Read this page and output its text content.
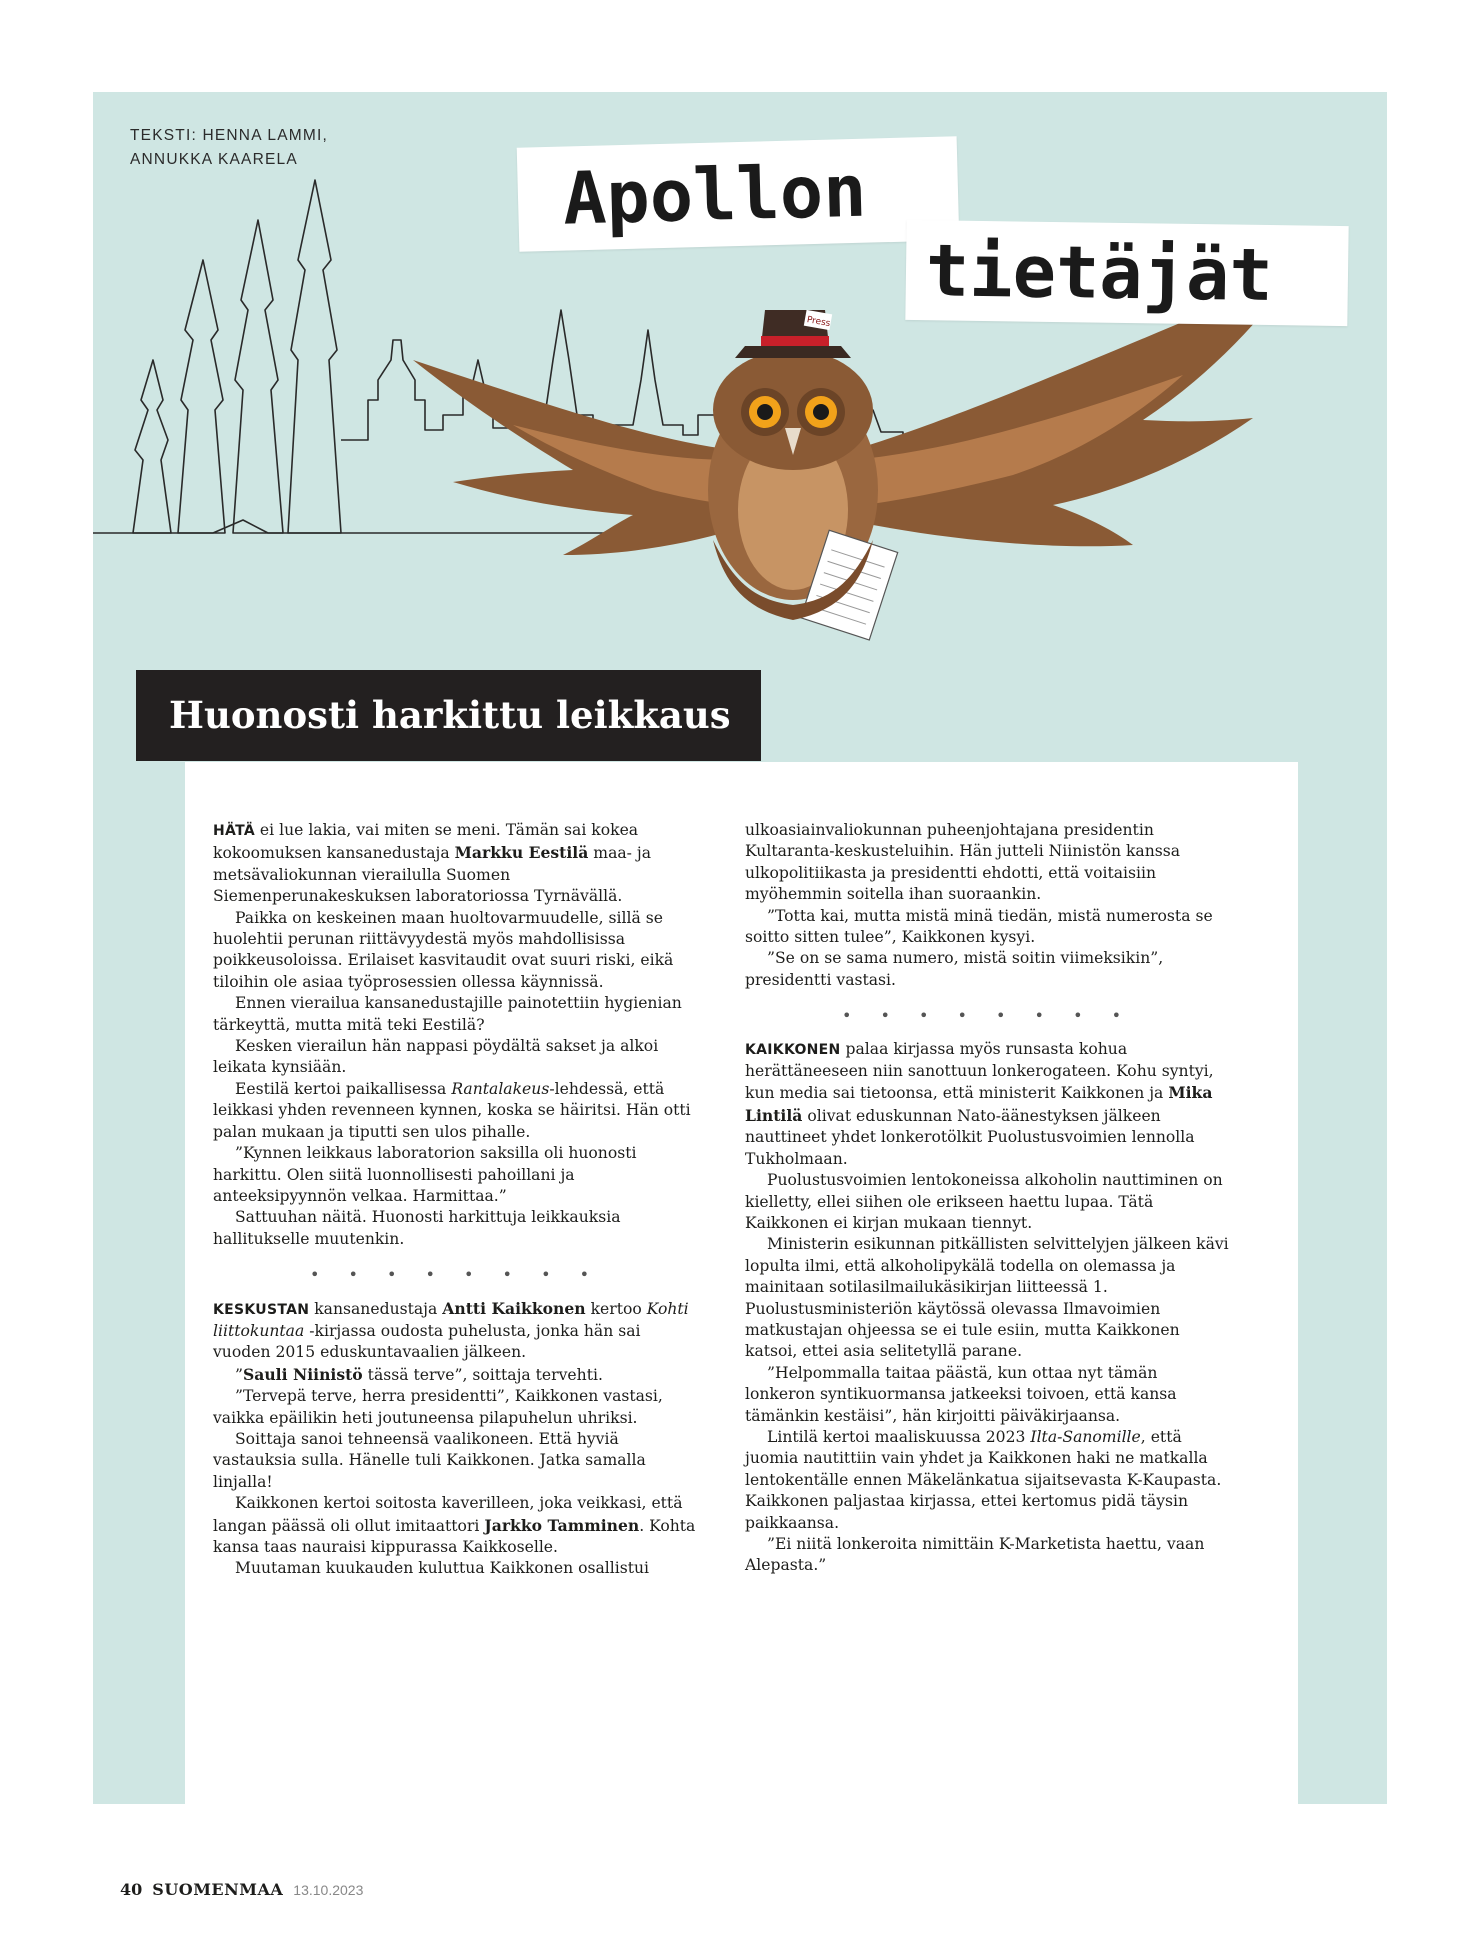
TEKSTI: HENNA LAMMI,
ANNUKKA KAARELA
Press
Apollon
tietäjät
Huonosti harkittu leikkaus

HÄTÄ ei lue lakia, vai miten se meni. Tämän sai kokea kokoomuksen kansanedustaja Markku Eestilä maa- ja metsävaliokunnan vierailulla Suomen Siemenperunakeskuksen laboratoriossa Tyrnävällä.

Paikka on keskeinen maan huoltovarmuudelle, sillä se huolehtii perunan riittävyydestä myös mahdollisissa poikkeusoloissa. Erilaiset kasvitaudit ovat suuri riski, eikä tiloihin ole asiaa työprosessien ollessa käynnissä.

Ennen vierailua kansanedustajille painotettiin hygienian tärkeyttä, mutta mitä teki Eestilä?

Kesken vierailun hän nappasi pöydältä sakset ja alkoi leikata kynsiään.

Eestilä kertoi paikallisessa Rantalakeus-lehdessä, että leikkasi yhden revenneen kynnen, koska se häiritsi. Hän otti palan mukaan ja tiputti sen ulos pihalle.

”Kynnen leikkaus laboratorion saksilla oli huonosti harkittu. Olen siitä luonnollisesti pahoillani ja anteeksipyynnön velkaa. Harmittaa.”

Sattuuhan näitä. Huonosti harkittuja leikkauksia hallitukselle muutenkin.

• • • • • • • •

KESKUSTAN kansanedustaja Antti Kaikkonen kertoo Kohti liittokuntaa -kirjassa oudosta puhelusta, jonka hän sai vuoden 2015 eduskuntavaalien jälkeen.

”Sauli Niinistö tässä terve”, soittaja tervehti.

”Tervepä terve, herra presidentti”, Kaikkonen vastasi, vaikka epäilikin heti joutuneensa pilapuhelun uhriksi.

Soittaja sanoi tehneensä vaalikoneen. Että hyviä vastauksia sulla. Hänelle tuli Kaikkonen. Jatka samalla linjalla!

Kaikkonen kertoi soitosta kaverilleen, joka veikkasi, että langan päässä oli ollut imitaattori Jarkko Tamminen. Kohta kansa taas nauraisi kippurassa Kaikkoselle.

Muutaman kuukauden kuluttua Kaikkonen osallistui

ulkoasiainvaliokunnan puheenjohtajana presidentin Kultaranta-keskusteluihin. Hän jutteli Niinistön kanssa ulkopolitiikasta ja presidentti ehdotti, että voitaisiin myöhemmin soitella ihan suoraankin.

”Totta kai, mutta mistä minä tiedän, mistä numerosta se soitto sitten tulee”, Kaikkonen kysyi.

”Se on se sama numero, mistä soitin viimeksikin”, presidentti vastasi.

• • • • • • • •

KAIKKONEN palaa kirjassa myös runsasta kohua herättäneeseen niin sanottuun lonkerogateen. Kohu syntyi, kun media sai tietoonsa, että ministerit Kaikkonen ja Mika Lintilä olivat eduskunnan Nato-äänestyksen jälkeen nauttineet yhdet lonkerotölkit Puolustusvoimien lennolla Tukholmaan.

Puolustusvoimien lentokoneissa alkoholin nauttiminen on kielletty, ellei siihen ole erikseen haettu lupaa. Tätä Kaikkonen ei kirjan mukaan tiennyt.

Ministerin esikunnan pitkällisten selvittelyjen jälkeen kävi lopulta ilmi, että alkoholipykälä todella on olemassa ja mainitaan sotilasilmailukäsikirjan liitteessä 1. Puolustusministeriön käytössä olevassa Ilmavoimien matkustajan ohjeessa se ei tule esiin, mutta Kaikkonen katsoi, ettei asia selitetyllä parane.

”Helpommalla taitaa päästä, kun ottaa nyt tämän lonkeron syntikuormansa jatkeeksi toivoen, että kansa tämänkin kestäisi”, hän kirjoitti päiväkirjaansa.

Lintilä kertoi maaliskuussa 2023 Ilta-Sanomille, että juomia nautittiin vain yhdet ja Kaikkonen haki ne matkalla lentokentälle ennen Mäkelänkatua sijaitsevasta K-Kaupasta. Kaikkonen paljastaa kirjassa, ettei kertomus pidä täysin paikkaansa.

”Ei niitä lonkeroita nimittäin K-Marketista haettu, vaan Alepasta.”

40 SUOMENMAA 13.10.2023
